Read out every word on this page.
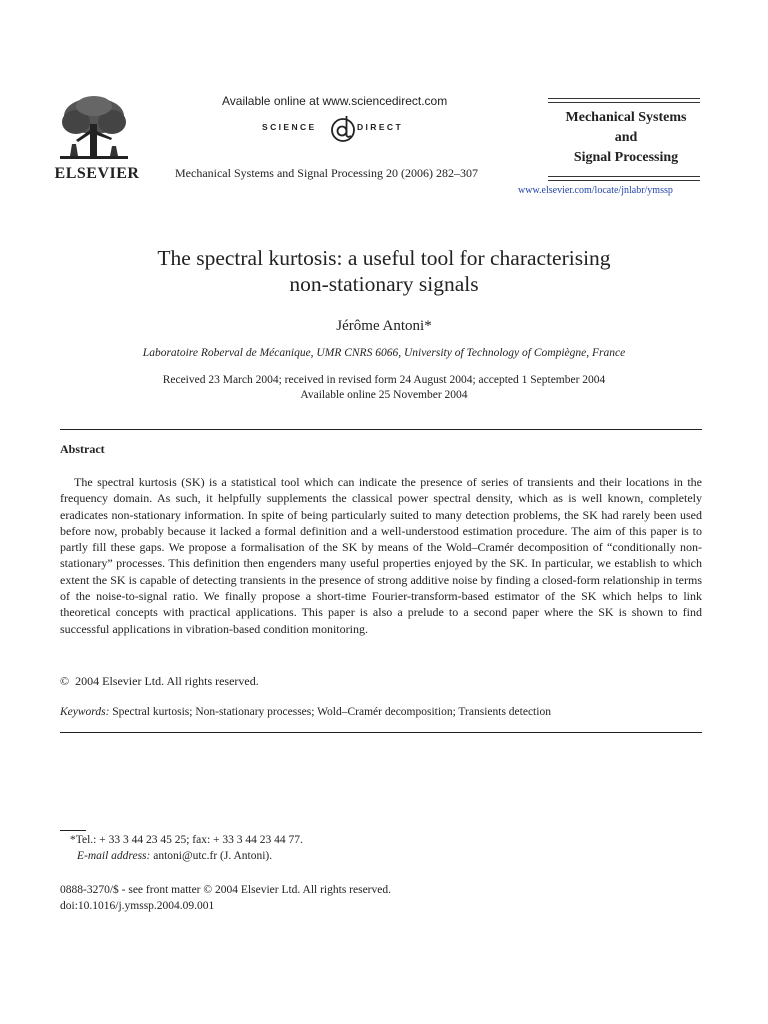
ELSEVIER
Available online at www.sciencedirect.com
SCIENCE	DIRECT
Mechanical Systems and Signal Processing 20 (2006) 282–307
Mechanical Systems
and
Signal Processing
www.elsevier.com/locate/jnlabr/ymssp
The spectral kurtosis: a useful tool for characterising
non-stationary signals
Jérôme Antoni*
Laboratoire Roberval de Mécanique, UMR CNRS 6066, University of Technology of Compiègne, France
Received 23 March 2004; received in revised form 24 August 2004; accepted 1 September 2004
Available online 25 November 2004
Abstract

The spectral kurtosis (SK) is a statistical tool which can indicate the presence of series of transients and their locations in the frequency domain. As such, it helpfully supplements the classical power spectral density, which as is well known, completely eradicates non-stationary information. In spite of being particularly suited to many detection problems, the SK had rarely been used before now, probably because it lacked a formal definition and a well-understood estimation procedure. The aim of this paper is to partly fill these gaps. We propose a formalisation of the SK by means of the Wold–Cramér decomposition of “conditionally non-stationary” processes. This definition then engenders many useful properties enjoyed by the SK. In particular, we establish to which extent the SK is capable of detecting transients in the presence of strong additive noise by finding a closed-form relationship in terms of the noise-to-signal ratio. We finally propose a short-time Fourier-transform-based estimator of the SK which helps to link theoretical concepts with practical applications. This paper is also a prelude to a second paper where the SK is shown to find successful applications in vibration-based condition monitoring.

© 2004 Elsevier Ltd. All rights reserved.
Keywords: Spectral kurtosis; Non-stationary processes; Wold–Cramér decomposition; Transients detection
*Tel.: + 33 3 44 23 45 25; fax: + 33 3 44 23 44 77.
E-mail address: antoni@utc.fr (J. Antoni).
0888-3270/$ - see front matter © 2004 Elsevier Ltd. All rights reserved.
doi:10.1016/j.ymssp.2004.09.001
